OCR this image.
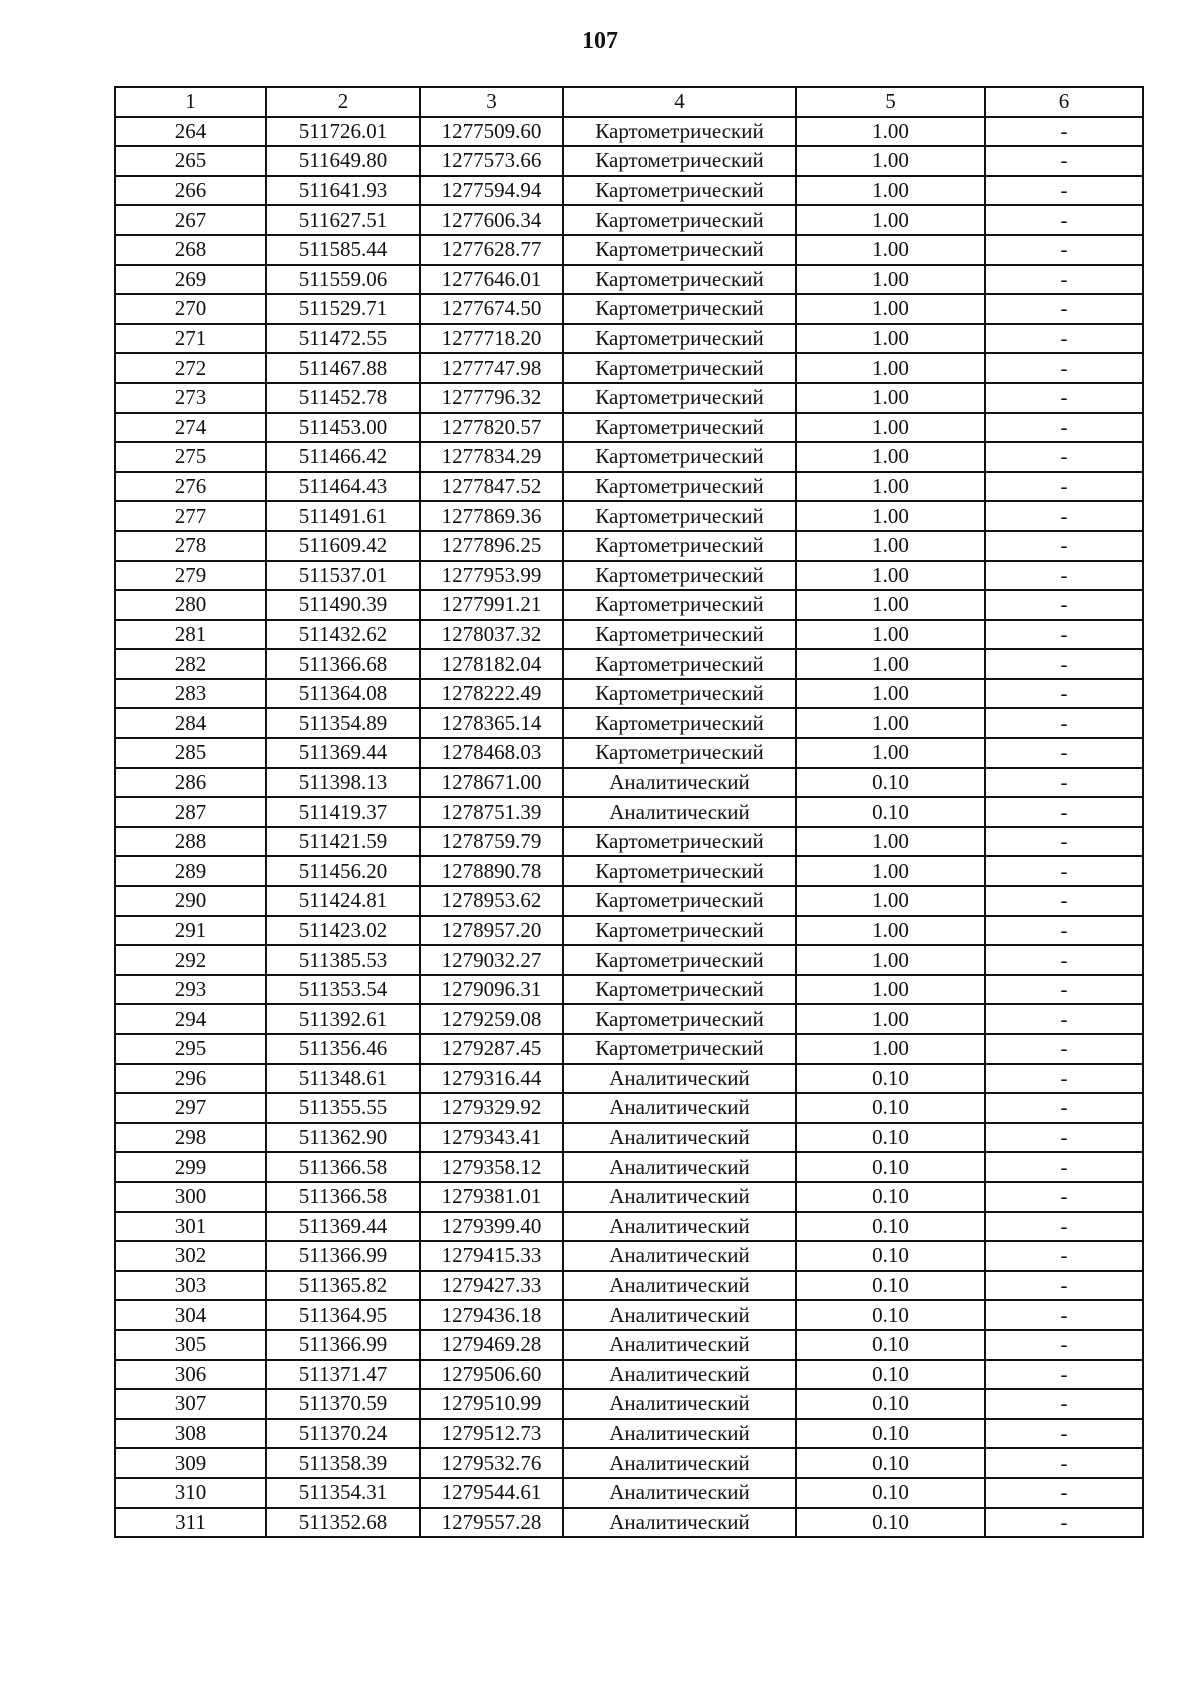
107
1	2	3	4	5	6
264	511726.01	1277509.60	Картометрический	1.00	-
265	511649.80	1277573.66	Картометрический	1.00	-
266	511641.93	1277594.94	Картометрический	1.00	-
267	511627.51	1277606.34	Картометрический	1.00	-
268	511585.44	1277628.77	Картометрический	1.00	-
269	511559.06	1277646.01	Картометрический	1.00	-
270	511529.71	1277674.50	Картометрический	1.00	-
271	511472.55	1277718.20	Картометрический	1.00	-
272	511467.88	1277747.98	Картометрический	1.00	-
273	511452.78	1277796.32	Картометрический	1.00	-
274	511453.00	1277820.57	Картометрический	1.00	-
275	511466.42	1277834.29	Картометрический	1.00	-
276	511464.43	1277847.52	Картометрический	1.00	-
277	511491.61	1277869.36	Картометрический	1.00	-
278	511609.42	1277896.25	Картометрический	1.00	-
279	511537.01	1277953.99	Картометрический	1.00	-
280	511490.39	1277991.21	Картометрический	1.00	-
281	511432.62	1278037.32	Картометрический	1.00	-
282	511366.68	1278182.04	Картометрический	1.00	-
283	511364.08	1278222.49	Картометрический	1.00	-
284	511354.89	1278365.14	Картометрический	1.00	-
285	511369.44	1278468.03	Картометрический	1.00	-
286	511398.13	1278671.00	Аналитический	0.10	-
287	511419.37	1278751.39	Аналитический	0.10	-
288	511421.59	1278759.79	Картометрический	1.00	-
289	511456.20	1278890.78	Картометрический	1.00	-
290	511424.81	1278953.62	Картометрический	1.00	-
291	511423.02	1278957.20	Картометрический	1.00	-
292	511385.53	1279032.27	Картометрический	1.00	-
293	511353.54	1279096.31	Картометрический	1.00	-
294	511392.61	1279259.08	Картометрический	1.00	-
295	511356.46	1279287.45	Картометрический	1.00	-
296	511348.61	1279316.44	Аналитический	0.10	-
297	511355.55	1279329.92	Аналитический	0.10	-
298	511362.90	1279343.41	Аналитический	0.10	-
299	511366.58	1279358.12	Аналитический	0.10	-
300	511366.58	1279381.01	Аналитический	0.10	-
301	511369.44	1279399.40	Аналитический	0.10	-
302	511366.99	1279415.33	Аналитический	0.10	-
303	511365.82	1279427.33	Аналитический	0.10	-
304	511364.95	1279436.18	Аналитический	0.10	-
305	511366.99	1279469.28	Аналитический	0.10	-
306	511371.47	1279506.60	Аналитический	0.10	-
307	511370.59	1279510.99	Аналитический	0.10	-
308	511370.24	1279512.73	Аналитический	0.10	-
309	511358.39	1279532.76	Аналитический	0.10	-
310	511354.31	1279544.61	Аналитический	0.10	-
311	511352.68	1279557.28	Аналитический	0.10	-
